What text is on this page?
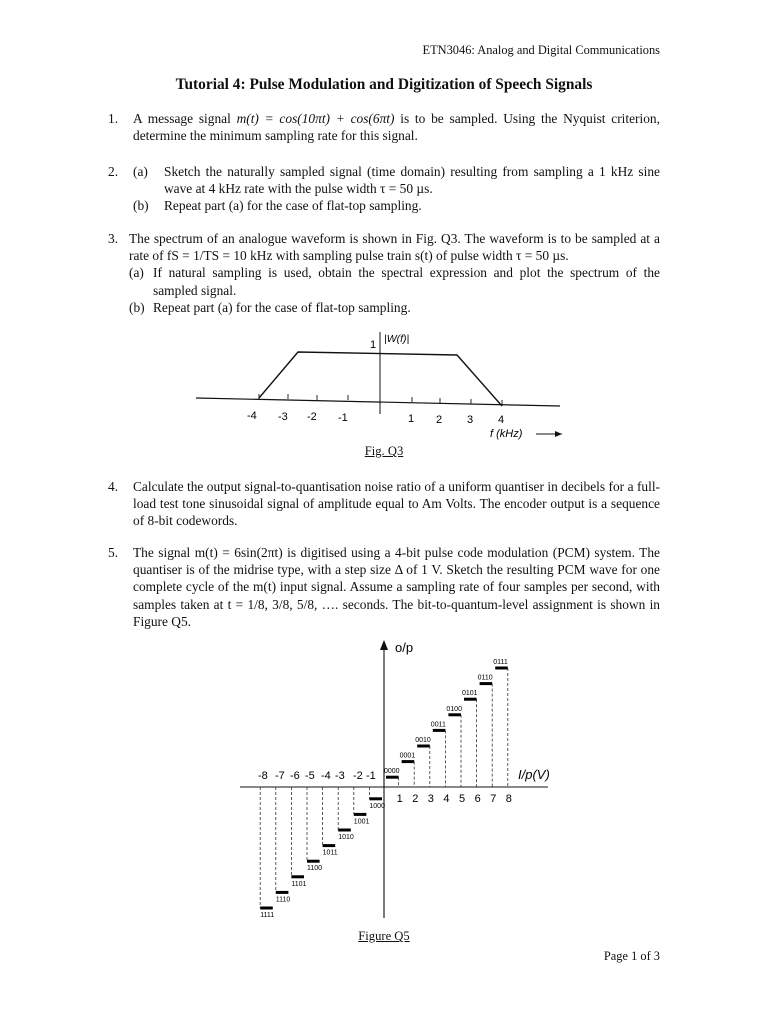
ETN3046: Analog and Digital Communications
Tutorial 4: Pulse Modulation and Digitization of Speech Signals
1. A message signal m(t) = cos(10πt) + cos(6πt) is to be sampled. Using the Nyquist criterion, determine the minimum sampling rate for this signal.
2. (a)	Sketch the naturally sampled signal (time domain) resulting from sampling a 1 kHz sine wave at 4 kHz rate with the pulse width τ = 50 µs.
(b)	Repeat part (a) for the case of flat-top sampling.
3. The spectrum of an analogue waveform is shown in Fig. Q3. The waveform is to be sampled at a rate of fS = 1/TS = 10 kHz with sampling pulse train s(t) of pulse width τ = 50 µs.
(a) If natural sampling is used, obtain the spectral expression and plot the spectrum of the sampled signal.
(b) Repeat part (a) for the case of flat-top sampling.
1 |W(f)|
-4 -3 -2 -1	1 2 3 4
f (kHz)
Fig. Q3
4. Calculate the output signal-to-quantisation noise ratio of a uniform quantiser in decibels for a full-load test tone sinusoidal signal of amplitude equal to Am Volts. The encoder output is a sequence of 8-bit codewords.
5. The signal m(t) = 6sin(2πt) is digitised using a 4-bit pulse code modulation (PCM) system. The quantiser is of the midrise type, with a step size Δ of 1 V. Sketch the resulting PCM wave for one complete cycle of the m(t) input signal. Assume a sampling rate of four samples per second, with samples taken at t = 1/8, 3/8, 5/8, …. seconds. The bit-to-quantum-level assignment is shown in Figure Q5.
o/p
I/p(V)
0000
1
0001
2
0010
3
0011
4
0100
5
0101
6
0110
7
0111
8
1000
1001
1010
1011
1100
1101
1110
1111
-8 -7 -6 -5 -4 -3 -2 -1
Figure Q5
Page 1 of 3
